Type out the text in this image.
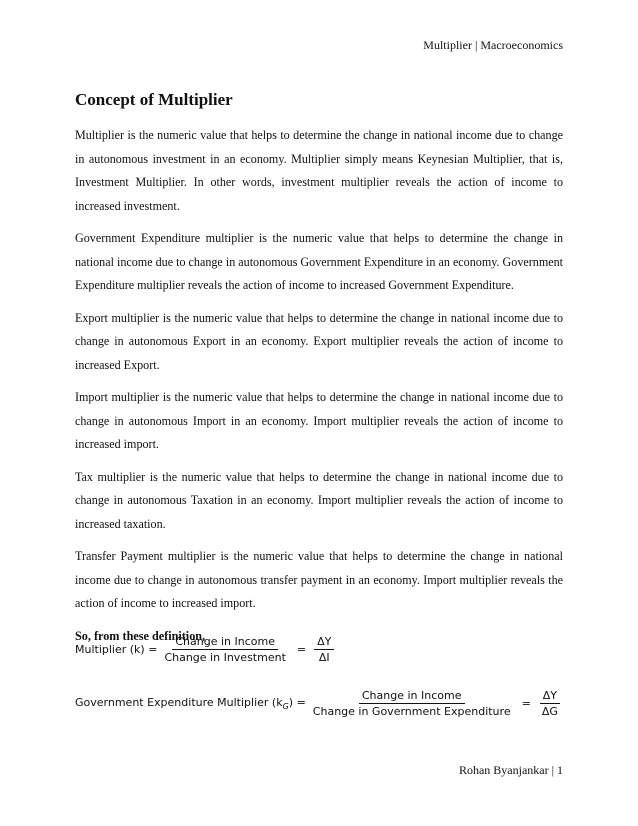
Multiplier | Macroeconomics
Concept of Multiplier

Multiplier is the numeric value that helps to determine the change in national income due to change in autonomous investment in an economy. Multiplier simply means Keynesian Multiplier, that is, Investment Multiplier. In other words, investment multiplier reveals the action of income to increased investment.

Government Expenditure multiplier is the numeric value that helps to determine the change in national income due to change in autonomous Government Expenditure in an economy. Government Expenditure multiplier reveals the action of income to increased Government Expenditure.

Export multiplier is the numeric value that helps to determine the change in national income due to change in autonomous Export in an economy. Export multiplier reveals the action of income to increased Export.

Import multiplier is the numeric value that helps to determine the change in national income due to change in autonomous Import in an economy. Import multiplier reveals the action of income to increased import.

Tax multiplier is the numeric value that helps to determine the change in national income due to change in autonomous Taxation in an economy. Import multiplier reveals the action of income to increased taxation.

Transfer Payment multiplier is the numeric value that helps to determine the change in national income due to change in autonomous transfer payment in an economy. Import multiplier reveals the action of income to increased import.

So, from these definition,

Multiplier $(k) = \frac{\text{Change in Income}}{\text{Change in Investment}} = \frac{\Delta Y}{\Delta I}$
Government Expenditure Multiplier $(k_G) = \frac{\text{Change in Income}}{\text{Change in Government Expenditure}} = \frac{\Delta Y}{\Delta G}$
Rohan Byanjankar | 1
